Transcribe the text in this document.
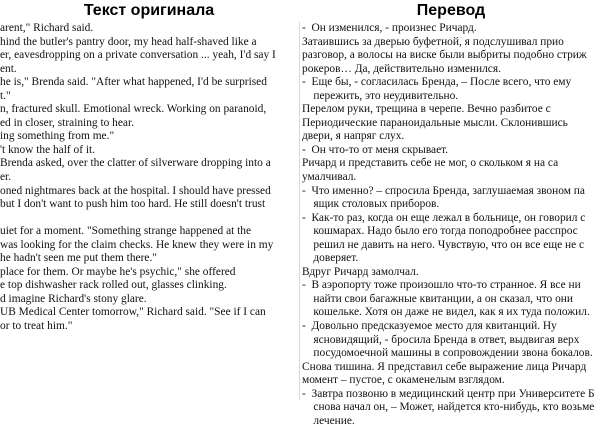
Текст оригинала
arent," Richard said.
hind the butler's pantry door, my head half-shaved like a
er, eavesdropping on a private conversation ... yeah, I'd say I
ent.
he is," Brenda said. "After what happened, I'd be surprised
t."
n, fractured skull. Emotional wreck. Working on paranoid,
ed in closer, straining to hear.
ing something from me."
't know the half of it.
Brenda asked, over the clatter of silverware dropping into a
er.
oned nightmares back at the hospital. I should have pressed
but I don't want to push him too hard. He still doesn't trust
uiet for a moment. "Something strange happened at the
was looking for the claim checks. He knew they were in my
he hadn't seen me put them there."
place for them. Or maybe he's psychic," she offered
e top dishwasher rack rolled out, glasses clinking.
d imagine Richard's stony glare.
UB Medical Center tomorrow," Richard said. "See if I can
or to treat him."
Перевод
-  Он изменился, - произнес Ричард.
Затаившись за дверью буфетной, я подслушивал прио
разговор, а волосы на виске были выбриты подобно стриж
рокеров… Да, действительно изменился.
-  Еще бы, - согласилась Бренда, – После всего, что ему
пережить, это неудивительно.
Перелом руки, трещина в черепе. Вечно разбитое с
Периодические параноидальные мысли. Склонившись
двери, я напряг слух.
-  Он что-то от меня скрывает.
Ричард и представить себе не мог, о скольком я на са
умалчивал.
-  Что именно? – спросила Бренда, заглушаемая звоном па
ящик столовых приборов.
-  Как-то раз, когда он еще лежал в больнице, он говорил с
кошмарах. Надо было его тогда поподробнее расспрос
решил не давить на него. Чувствую, что он все еще не с
доверяет.
Вдруг Ричард замолчал.
-  В аэропорту тоже произошло что-то странное. Я все ни
найти свои багажные квитанции, а он сказал, что они
кошельке. Хотя он даже не видел, как я их туда положил.
-  Довольно предсказуемое место для квитанций. Ну
ясновидящий, - бросила Бренда в ответ, выдвигая верх
посудомоечной машины в сопровождении звона бокалов.
Снова тишина. Я представил себе выражение лица Ричард
момент – пустое, с окаменелым взглядом.
-  Завтра позвоню в медицинский центр при Университете Б
снова начал он, – Может, найдется кто-нибудь, кто возьме
лечение.
